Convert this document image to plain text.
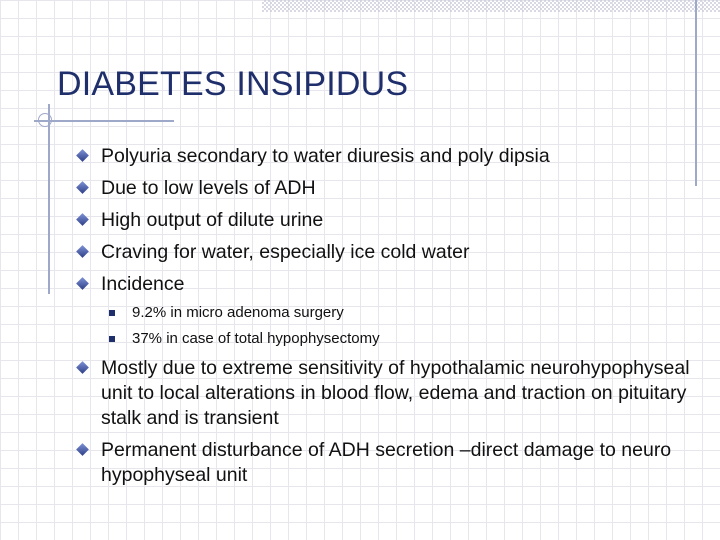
DIABETES INSIPIDUS
Polyuria secondary to water diuresis and poly dipsia
Due to low levels of ADH
High output of dilute urine
Craving for water, especially ice cold water
Incidence
9.2% in micro adenoma surgery
37% in case of total hypophysectomy
Mostly due to extreme sensitivity of hypothalamic neurohypophyseal unit to local alterations in blood flow, edema and traction on pituitary stalk and is transient
Permanent disturbance of ADH secretion –direct damage to neuro hypophyseal unit
